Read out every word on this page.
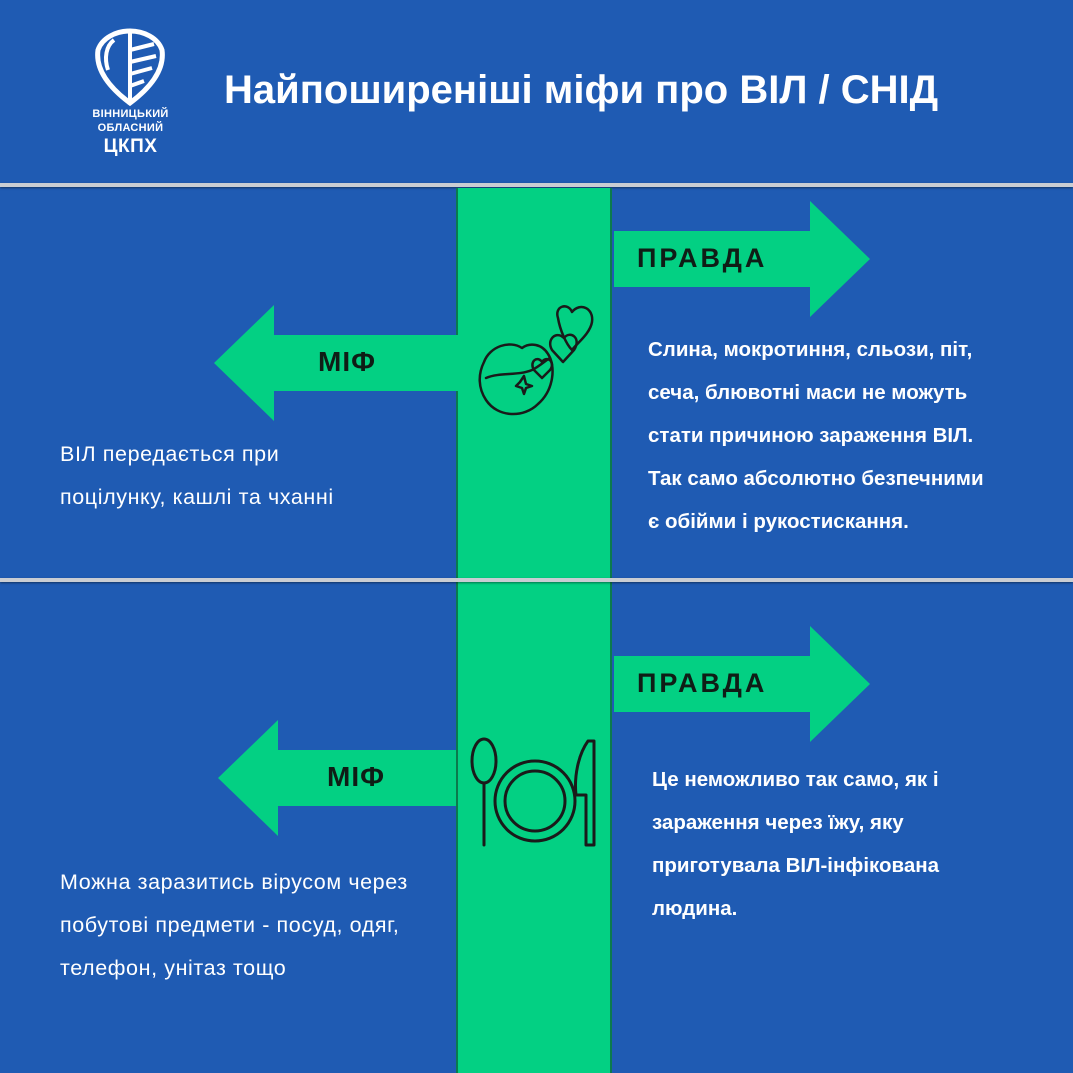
ВІННИЦЬКИЙ
ОБЛАСНИЙ
ЦКПХ
Найпоширеніші міфи про ВІЛ / СНІД
МІФ
ПРАВДА
ВІЛ передається при
поцілунку, кашлі та чханні
Слина, мокротиння, сльози, піт,
сеча, блювотні маси не можуть
стати причиною зараження ВІЛ.
Так само абсолютно безпечними
є обійми і рукостискання.
МІФ
ПРАВДА
Можна заразитись вірусом через
побутові предмети - посуд, одяг,
телефон, унітаз тощо
Це неможливо так само, як і
зараження через їжу, яку
приготувала ВІЛ-інфікована
людина.
